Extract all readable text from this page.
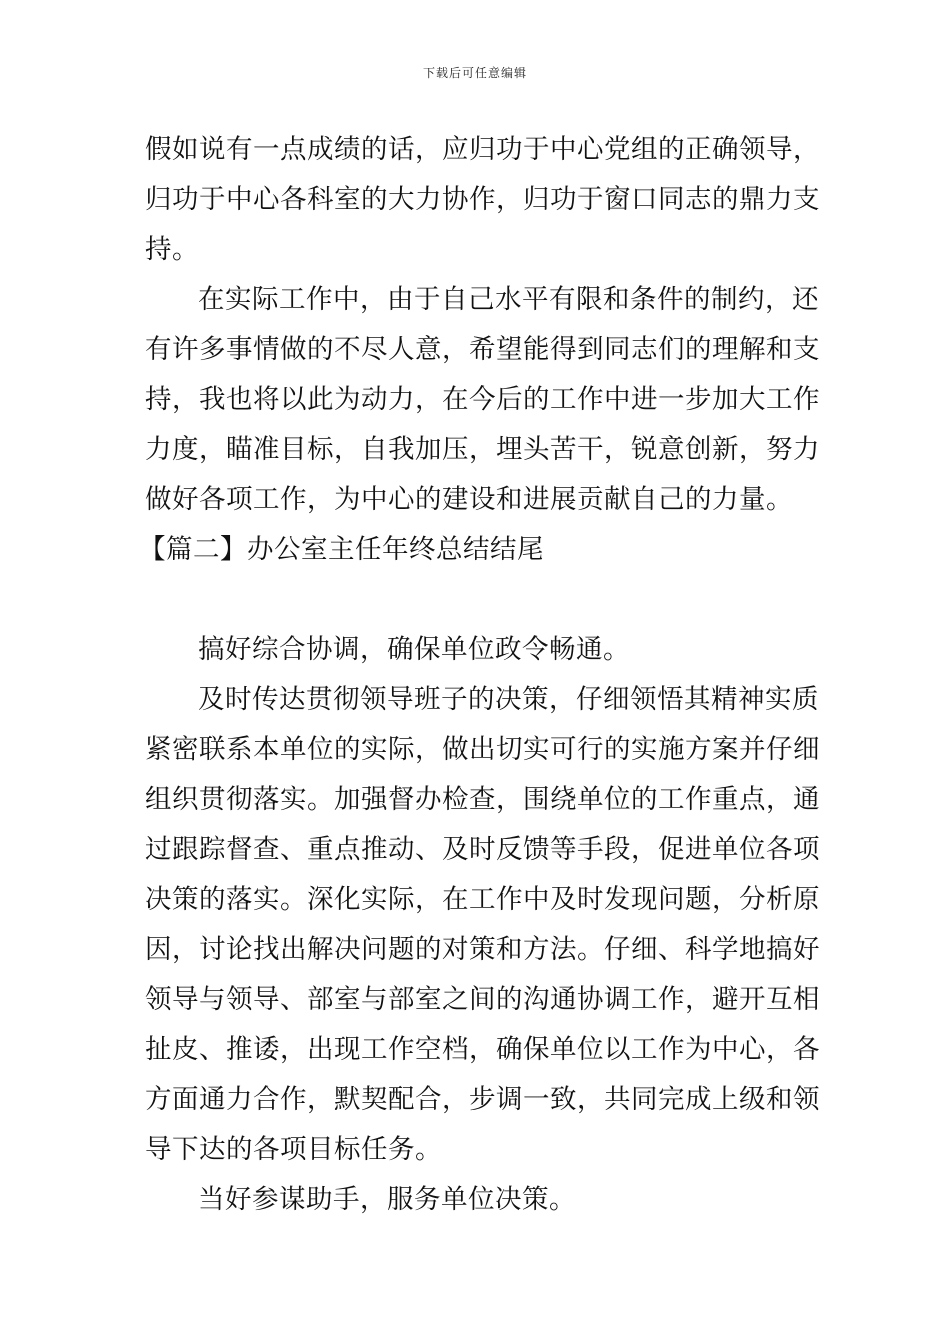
下载后可任意编辑
假如说有一点成绩的话，应归功于中心党组的正确领导，
归功于中心各科室的大力协作，归功于窗口同志的鼎力支
持。
在实际工作中，由于自己水平有限和条件的制约，还
有许多事情做的不尽人意，希望能得到同志们的理解和支
持，我也将以此为动力，在今后的工作中进一步加大工作
力度，瞄准目标，自我加压，埋头苦干，锐意创新，努力
做好各项工作，为中心的建设和进展贡献自己的力量。
【篇二】办公室主任年终总结结尾
搞好综合协调，确保单位政令畅通。
及时传达贯彻领导班子的决策，仔细领悟其精神实质
紧密联系本单位的实际，做出切实可行的实施方案并仔细
组织贯彻落实。加强督办检查，围绕单位的工作重点，通
过跟踪督查、重点推动、及时反馈等手段，促进单位各项
决策的落实。深化实际，在工作中及时发现问题，分析原
因，讨论找出解决问题的对策和方法。仔细、科学地搞好
领导与领导、部室与部室之间的沟通协调工作，避开互相
扯皮、推诿，出现工作空档，确保单位以工作为中心，各
方面通力合作，默契配合，步调一致，共同完成上级和领
导下达的各项目标任务。
当好参谋助手，服务单位决策。
